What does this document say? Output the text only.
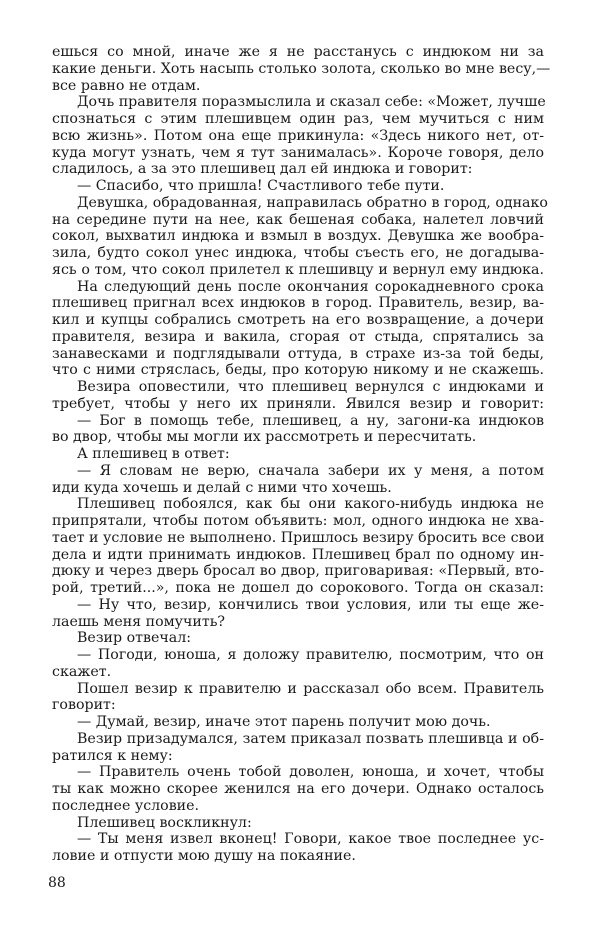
ешься со мной, иначе же я не расстанусь с индюком ни за
какие деньги. Хоть насыпь столько золота, сколько во мне весу,—
все равно не отдам.
Дочь правителя поразмыслила и сказал себе: «Может, лучше
спознаться с этим плешивцем один раз, чем мучиться с ним
всю жизнь». Потом она еще прикинула: «Здесь никого нет, от-
куда могут узнать, чем я тут занималась». Короче говоря, дело
сладилось, а за это плешивец дал ей индюка и говорит:
— Спасибо, что пришла! Счастливого тебе пути.
Девушка, обрадованная, направилась обратно в город, однако
на середине пути на нее, как бешеная собака, налетел ловчий
сокол, выхватил индюка и взмыл в воздух. Девушка же вообра-
зила, будто сокол унес индюка, чтобы съесть его, не догадыва-
ясь о том, что сокол прилетел к плешивцу и вернул ему индюка.
На следующий день после окончания сорокадневного срока
плешивец пригнал всех индюков в город. Правитель, везир, ва-
кил и купцы собрались смотреть на его возвращение, а дочери
правителя, везира и вакила, сгорая от стыда, спрятались за
занавесками и подглядывали оттуда, в страхе из-за той беды,
что с ними стряслась, беды, про которую никому и не скажешь.
Везира оповестили, что плешивец вернулся с индюками и
требует, чтобы у него их приняли. Явился везир и говорит:
— Бог в помощь тебе, плешивец, а ну, загони-ка индюков
во двор, чтобы мы могли их рассмотреть и пересчитать.
А плешивец в ответ:
— Я словам не верю, сначала забери их у меня, а потом
иди куда хочешь и делай с ними что хочешь.
Плешивец побоялся, как бы они какого-нибудь индюка не
припрятали, чтобы потом объявить: мол, одного индюка не хва-
тает и условие не выполнено. Пришлось везиру бросить все свои
дела и идти принимать индюков. Плешивец брал по одному ин-
дюку и через дверь бросал во двор, приговаривая: «Первый, вто-
рой, третий...», пока не дошел до сорокового. Тогда он сказал:
— Ну что, везир, кончились твои условия, или ты еще же-
лаешь меня помучить?
Везир отвечал:
— Погоди, юноша, я доложу правителю, посмотрим, что он
скажет.
Пошел везир к правителю и рассказал обо всем. Правитель
говорит:
— Думай, везир, иначе этот парень получит мою дочь.
Везир призадумался, затем приказал позвать плешивца и об-
ратился к нему:
— Правитель очень тобой доволен, юноша, и хочет, чтобы
ты как можно скорее женился на его дочери. Однако осталось
последнее условие.
Плешивец воскликнул:
— Ты меня извел вконец! Говори, какое твое последнее ус-
ловие и отпусти мою душу на покаяние.
88
